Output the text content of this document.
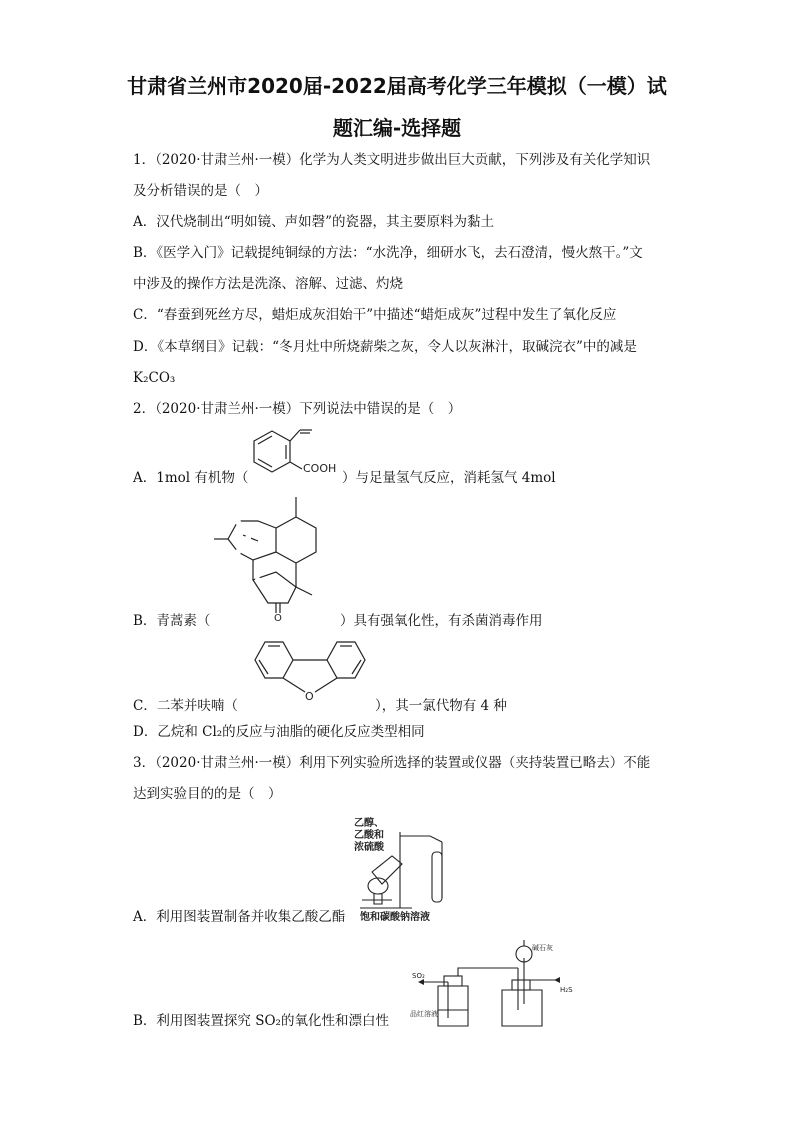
甘肃省兰州市2020届-2022届高考化学三年模拟（一模）试
题汇编-选择题
1．（2020·甘肃兰州·一模）化学为人类文明进步做出巨大贡献，下列涉及有关化学知识
及分析错误的是（　）
A．汉代烧制出“明如镜、声如磬”的瓷器，其主要原料为黏土
B．《医学入门》记载提纯铜绿的方法：“水洗净，细研水飞，去石澄清，慢火熬干。”文
中涉及的操作方法是洗涤、溶解、过滤、灼烧
C．“春蚕到死丝方尽，蜡炬成灰泪始干”中描述“蜡炬成灰”过程中发生了氧化反应
D．《本草纲目》记载：“冬月灶中所烧薪柴之灰，令人以灰淋汁，取碱浣衣”中的减是
K₂CO₃
2．（2020·甘肃兰州·一模）下列说法中错误的是（　）
A．1mol 有机物（
COOH
）与足量氢气反应，消耗氢气 4mol
B．青蒿素（	O	）具有强氧化性，有杀菌消毒作用
C．二苯并呋喃（
O
），其一氯代物有 4 种
D．乙烷和 Cl₂的反应与油脂的硬化反应类型相同
3．（2020·甘肃兰州·一模）利用下列实验所选择的装置或仪器（夹持装置已略去）不能
达到实验目的的是（　）
A．利用图装置制备并收集乙酸乙酯
乙醇、
乙酸和
浓硫酸
饱和碳酸钠溶液
B．利用图装置探究 SO₂的氧化性和漂白性
SO₂
H₂S
碱石灰
品红溶液
